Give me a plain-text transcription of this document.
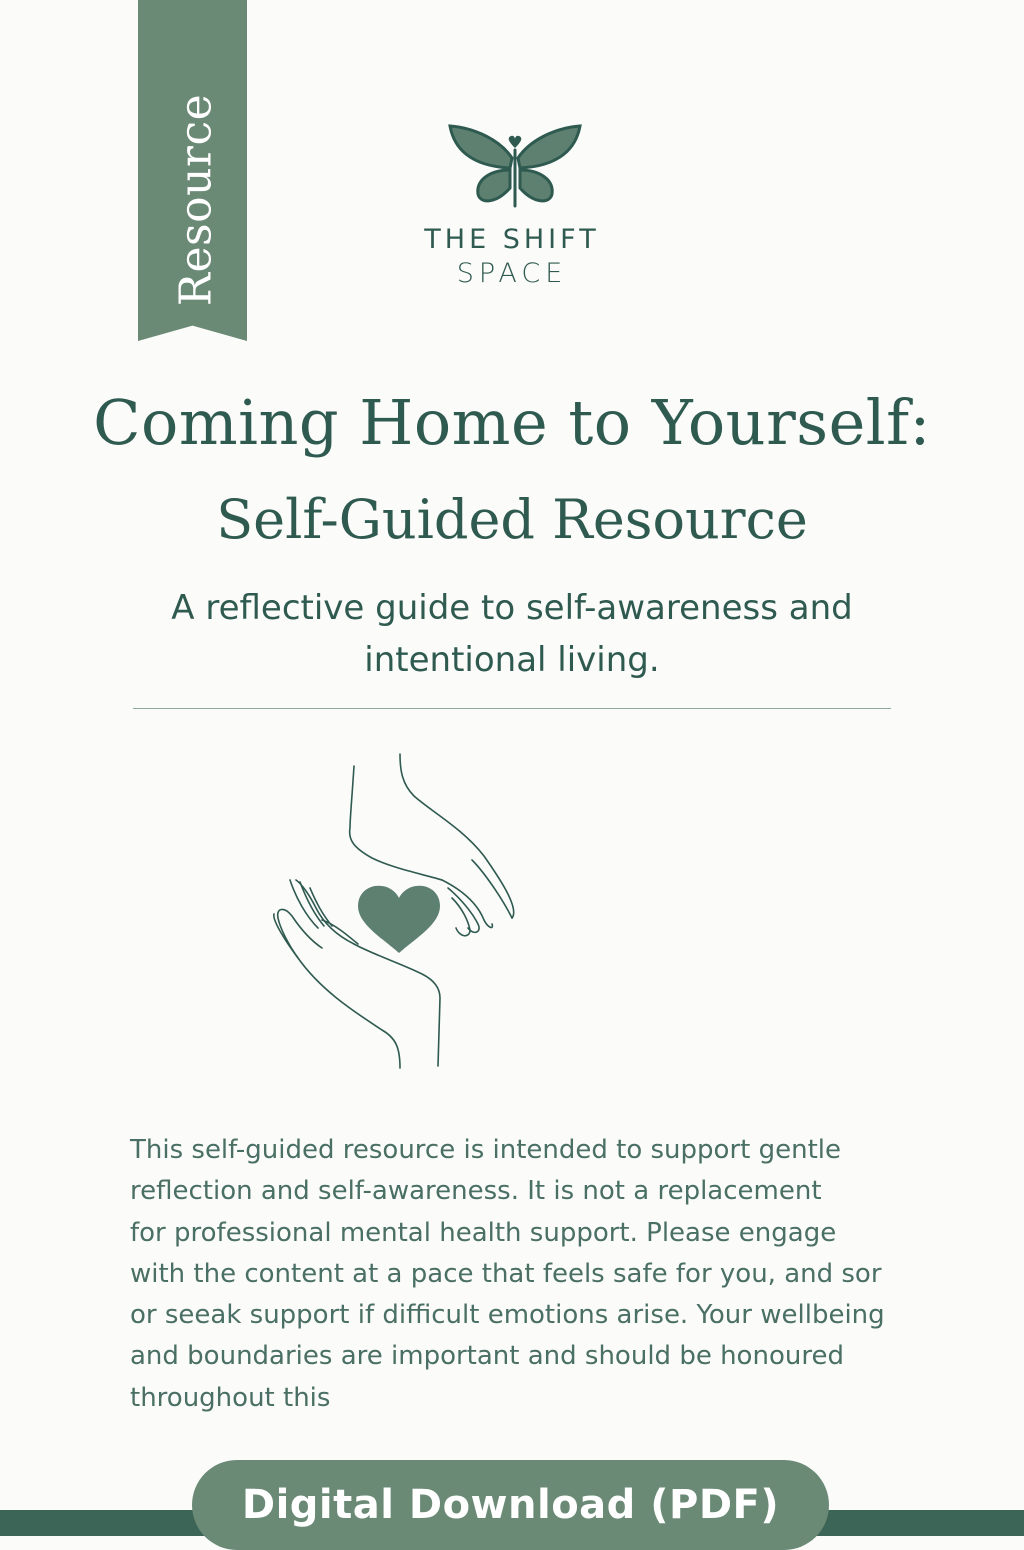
Resource	THE SHIFT
SPACE
Coming Home to Yourself:
Self-Guided Resource
A reflective guide to self-awareness and intentional living.
This self-guided resource is intended to support gentle
reflection and self-awareness. It is not a replacement
for professional mental health support. Please engage
with the content at a pace that feels safe for you, and sor
or seeak support if difficult emotions arise. Your wellbeing
and boundaries are important and should be honoured
throughout this
Digital Download (PDF)
